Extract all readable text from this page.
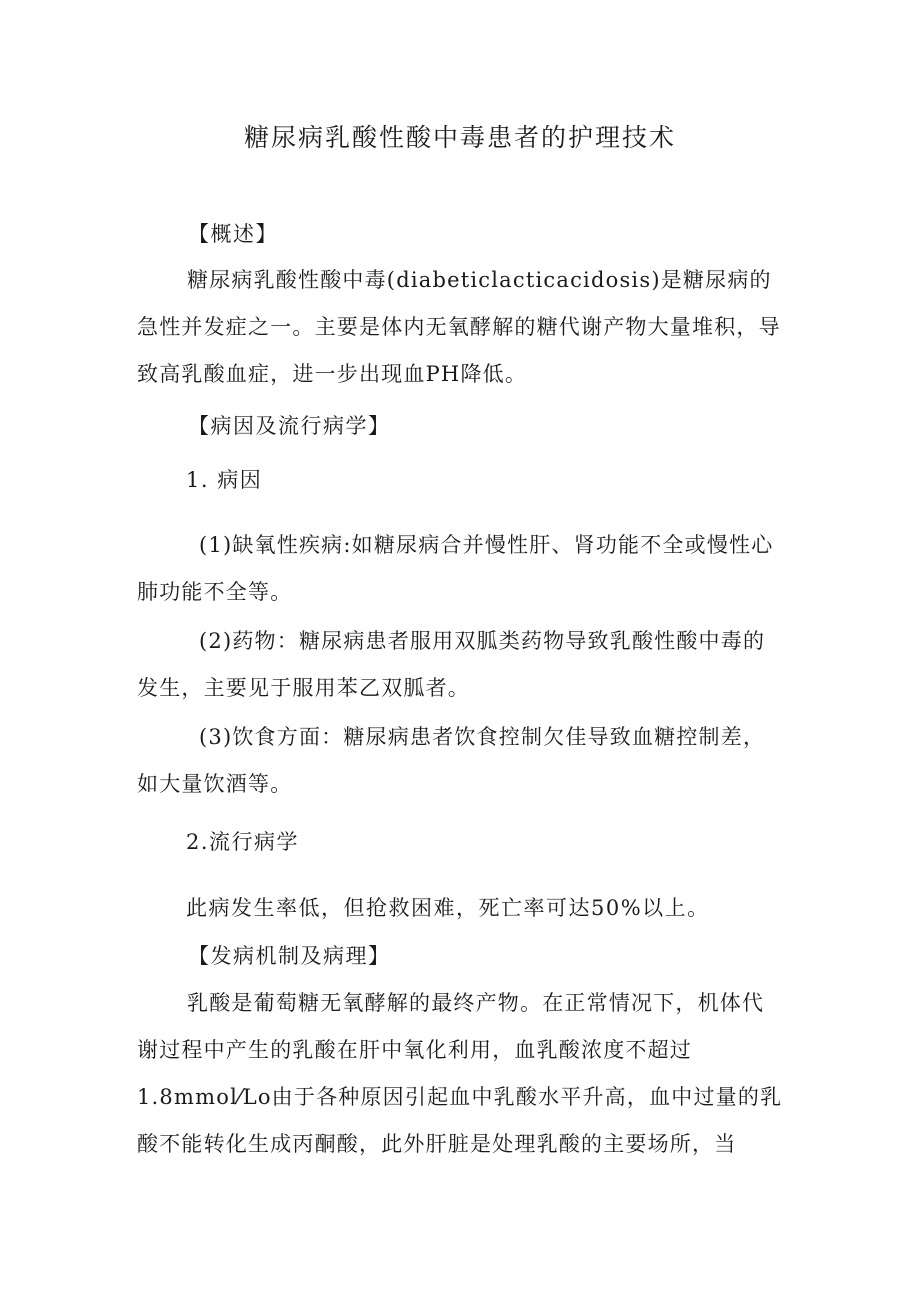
糖尿病乳酸性酸中毒患者的护理技术

【概述】

糖尿病乳酸性酸中毒(diabeticlacticacidosis)是糖尿病的急性并发症之一。主要是体内无氧酵解的糖代谢产物大量堆积，导致高乳酸血症，进一步出现血PH降低。

【病因及流行病学】

1. 病因

(1)缺氧性疾病:如糖尿病合并慢性肝、肾功能不全或慢性心肺功能不全等。

(2)药物：糖尿病患者服用双胍类药物导致乳酸性酸中毒的发生，主要见于服用苯乙双胍者。

(3)饮食方面：糖尿病患者饮食控制欠佳导致血糖控制差，如大量饮酒等。

2.流行病学

此病发生率低，但抢救困难，死亡率可达50%以上。

【发病机制及病理】

乳酸是葡萄糖无氧酵解的最终产物。在正常情况下，机体代谢过程中产生的乳酸在肝中氧化利用，血乳酸浓度不超过1.8mmol⁄Lo由于各种原因引起血中乳酸水平升高，血中过量的乳酸不能转化生成丙酮酸，此外肝脏是处理乳酸的主要场所，当
